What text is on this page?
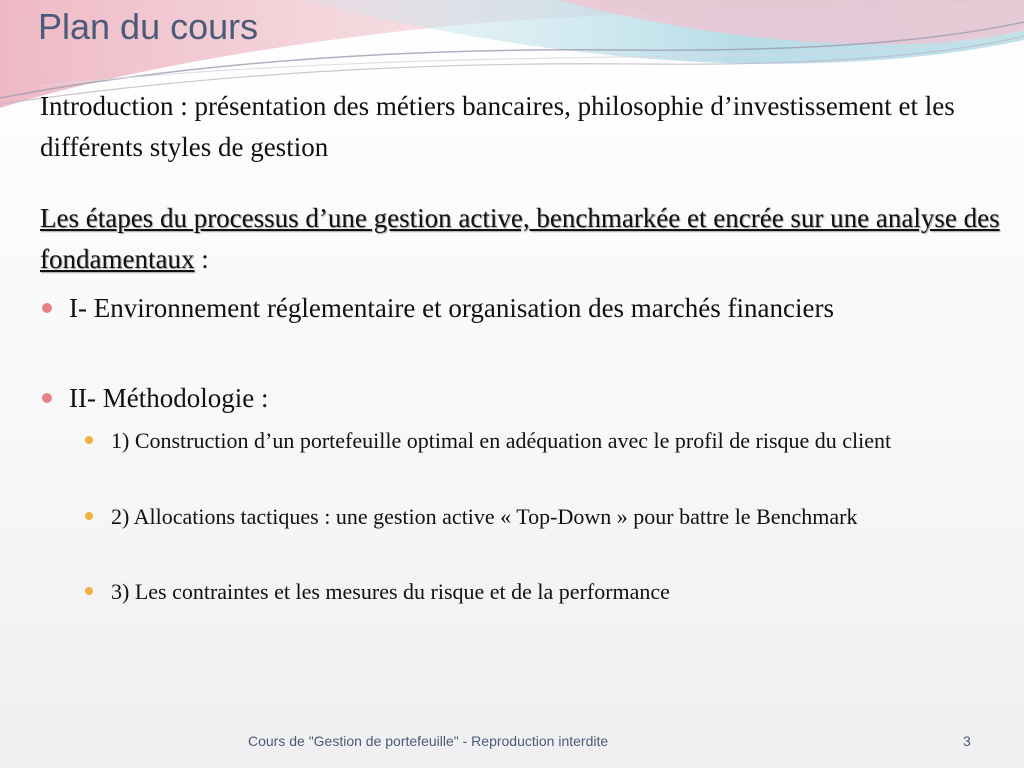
Plan du cours

Introduction : présentation des métiers bancaires, philosophie d’investissement et les différents styles de gestion

Les étapes du processus d’une gestion active, benchmarkée et encrée sur une analyse des fondamentaux :

I- Environnement réglementaire et organisation des marchés financiers
II- Méthodologie :
1) Construction d’un portefeuille optimal en adéquation avec le profil de risque du client
2) Allocations tactiques : une gestion active « Top-Down » pour battre le Benchmark
3) Les contraintes et les mesures du risque et de la performance
Cours de "Gestion de portefeuille" - Reproduction interdite	3
